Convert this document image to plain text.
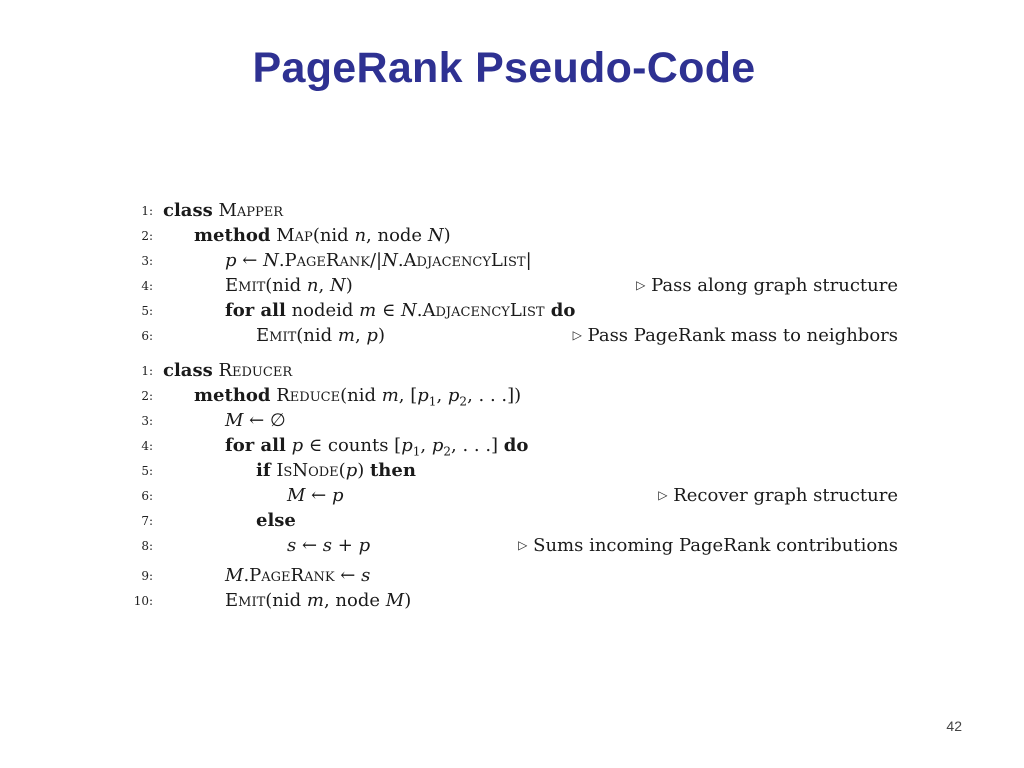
PageRank Pseudo-Code
1: class Mapper
2: method Map(nid n, node N)
3:	p ← N.PageRank/|N.AdjacencyList|
4:	Emit(nid n, N)	▷ Pass along graph structure
5:	for all nodeid m ∈ N.AdjacencyList do
6:	Emit(nid m, p)	▷ Pass PageRank mass to neighbors
1: class Reducer
2: method Reduce(nid m, [$p_1$, $p_2$, . . .])
3:	M ← ∅
4:	for all p ∈ counts [$p_1$, $p_2$, . . .] do
5:	if IsNode(p) then
6:	M ← p	▷ Recover graph structure
7:	else
8:	s ← s + p	▷ Sums incoming PageRank contributions
9:	M.PageRank ← s
10:	Emit(nid m, node M)
42
